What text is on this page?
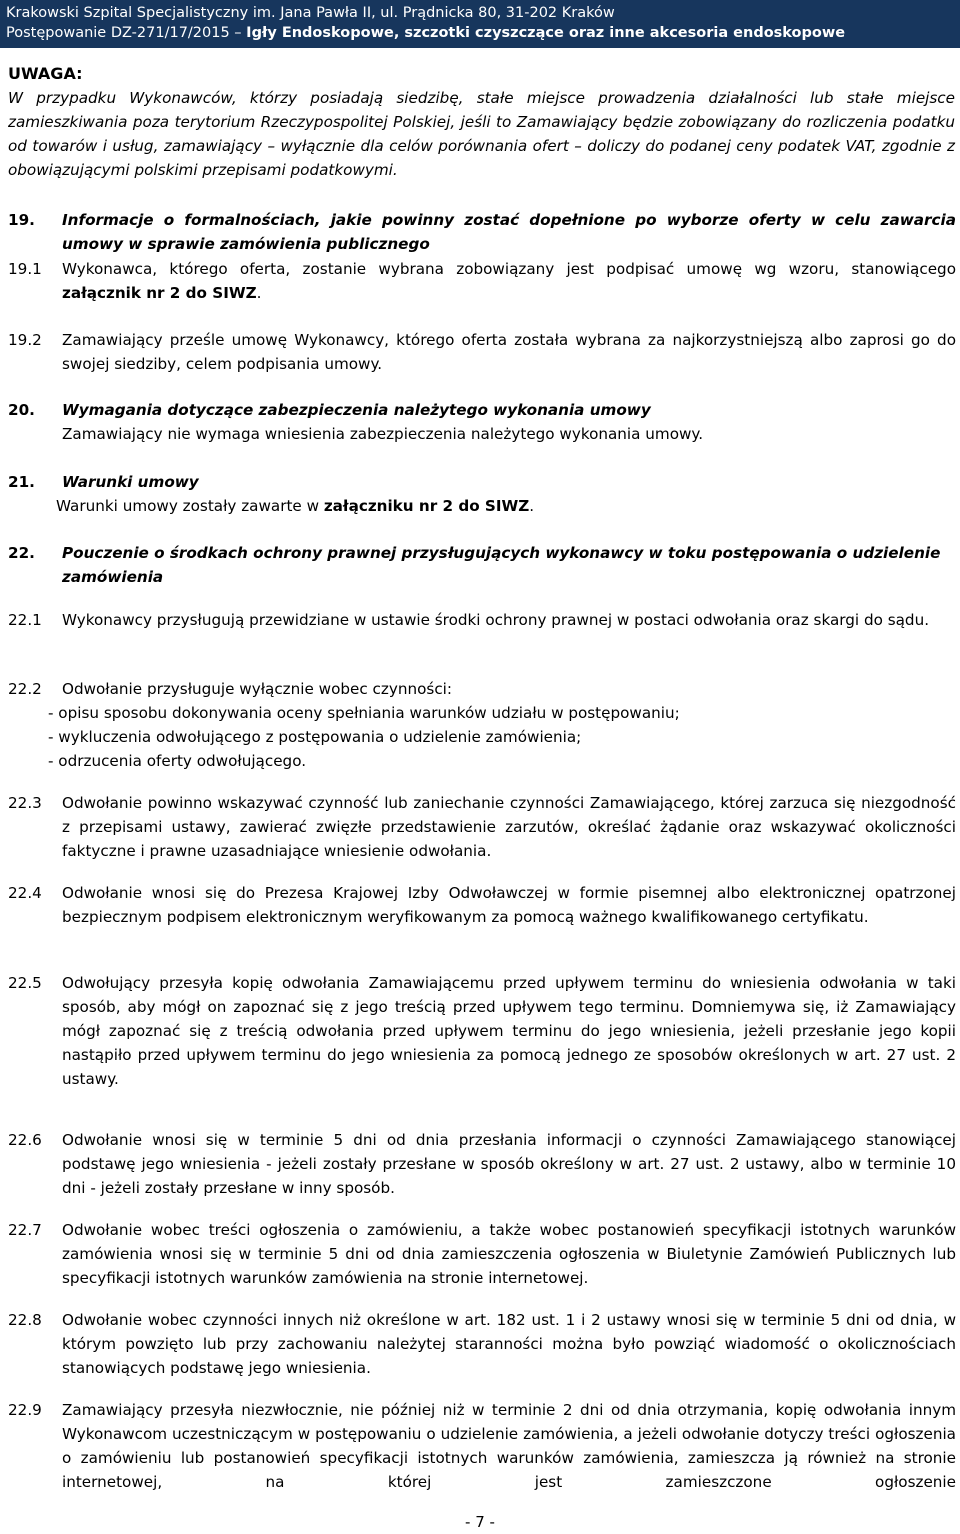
Krakowski Szpital Specjalistyczny im. Jana Pawła II, ul. Prądnicka 80, 31-202 Kraków
Postępowanie DZ-271/17/2015 – Igły Endoskopowe, szczotki czyszczące oraz inne akcesoria endoskopowe
UWAGA:
W przypadku Wykonawców, którzy posiadają siedzibę, stałe miejsce prowadzenia działalności lub stałe miejsce zamieszkiwania poza terytorium Rzeczypospolitej Polskiej, jeśli to Zamawiający będzie zobowiązany do rozliczenia podatku od towarów i usług, zamawiający – wyłącznie dla celów porównania ofert – doliczy do podanej ceny podatek VAT, zgodnie z obowiązującymi polskimi przepisami podatkowymi.
19. Informacje o formalnościach, jakie powinny zostać dopełnione po wyborze oferty w celu zawarcia umowy w sprawie zamówienia publicznego
19.1 Wykonawca, którego oferta, zostanie wybrana zobowiązany jest podpisać umowę wg wzoru, stanowiącego załącznik nr 2 do SIWZ.
19.2 Zamawiający prześle umowę Wykonawcy, którego oferta została wybrana za najkorzystniejszą albo zaprosi go do swojej siedziby, celem podpisania umowy.
20. Wymagania dotyczące zabezpieczenia należytego wykonania umowy
Zamawiający nie wymaga wniesienia zabezpieczenia należytego wykonania umowy.
21. Warunki umowy
Warunki umowy zostały zawarte w załączniku nr 2 do SIWZ.
22. Pouczenie o środkach ochrony prawnej przysługujących wykonawcy w toku postępowania o udzielenie zamówienia
22.1 Wykonawcy przysługują przewidziane w ustawie środki ochrony prawnej w postaci odwołania oraz skargi do sądu.
22.2 Odwołanie przysługuje wyłącznie wobec czynności:
- opisu sposobu dokonywania oceny spełniania warunków udziału w postępowaniu;
- wykluczenia odwołującego z postępowania o udzielenie zamówienia;
- odrzucenia oferty odwołującego.
22.3 Odwołanie powinno wskazywać czynność lub zaniechanie czynności Zamawiającego, której zarzuca się niezgodność z przepisami ustawy, zawierać zwięzłe przedstawienie zarzutów, określać żądanie oraz wskazywać okoliczności faktyczne i prawne uzasadniające wniesienie odwołania.
22.4 Odwołanie wnosi się do Prezesa Krajowej Izby Odwoławczej w formie pisemnej albo elektronicznej opatrzonej bezpiecznym podpisem elektronicznym weryfikowanym za pomocą ważnego kwalifikowanego certyfikatu.
22.5 Odwołujący przesyła kopię odwołania Zamawiającemu przed upływem terminu do wniesienia odwołania w taki sposób, aby mógł on zapoznać się z jego treścią przed upływem tego terminu. Domniemywa się, iż Zamawiający mógł zapoznać się z treścią odwołania przed upływem terminu do jego wniesienia, jeżeli przesłanie jego kopii nastąpiło przed upływem terminu do jego wniesienia za pomocą jednego ze sposobów określonych w art. 27 ust. 2 ustawy.
22.6 Odwołanie wnosi się w terminie 5 dni od dnia przesłania informacji o czynności Zamawiającego stanowiącej podstawę jego wniesienia - jeżeli zostały przesłane w sposób określony w art. 27 ust. 2 ustawy, albo w terminie 10 dni - jeżeli zostały przesłane w inny sposób.
22.7 Odwołanie wobec treści ogłoszenia o zamówieniu, a także wobec postanowień specyfikacji istotnych warunków zamówienia wnosi się w terminie 5 dni od dnia zamieszczenia ogłoszenia w Biuletynie Zamówień Publicznych lub specyfikacji istotnych warunków zamówienia na stronie internetowej.
22.8 Odwołanie wobec czynności innych niż określone w art. 182 ust. 1 i 2 ustawy wnosi się w terminie 5 dni od dnia, w którym powzięto lub przy zachowaniu należytej staranności można było powziąć wiadomość o okolicznościach stanowiących podstawę jego wniesienia.
22.9 Zamawiający przesyła niezwłocznie, nie później niż w terminie 2 dni od dnia otrzymania, kopię odwołania innym Wykonawcom uczestniczącym w postępowaniu o udzielenie zamówienia, a jeżeli odwołanie dotyczy treści ogłoszenia o zamówieniu lub postanowień specyfikacji istotnych warunków zamówienia, zamieszcza ją również na stronie internetowej, na której jest zamieszczone ogłoszenie
- 7 -
